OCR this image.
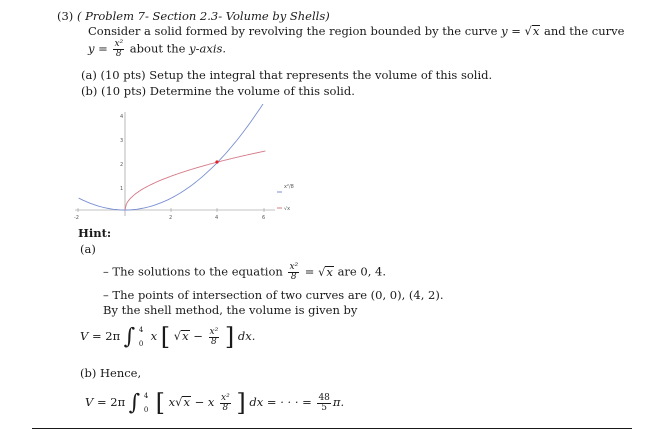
(3) ( Problem 7- Section 2.3- Volume by Shells)
Consider a solid formed by revolving the region bounded by the curve y = √x and the curve
$y = \frac{\text{x²}}{8}$ about the y-axis.
(a) (10 pts) Setup the integral that represents the volume of this solid.
(b) (10 pts) Determine the volume of this solid.
-2	2	4	6
1
2
3
4
x²/8
√x
Hint:
(a)
– The solutions to the equation $\frac{\text{x²}}{8} = √x$ are 0, 4.
– The points of intersection of two curves are (0, 0), (4, 2).
By the shell method, the volume is given by
V = 2π ∫ 4
0
x [ $√x - \frac{\text{x²}}{8}$ ] dx.
(b) Hence,
V = 2π ∫ 4
0 [ x√x − x $\frac{\text{x²}}{8}$ ] dx = · · · = $\frac{48}{5} \pi$.
